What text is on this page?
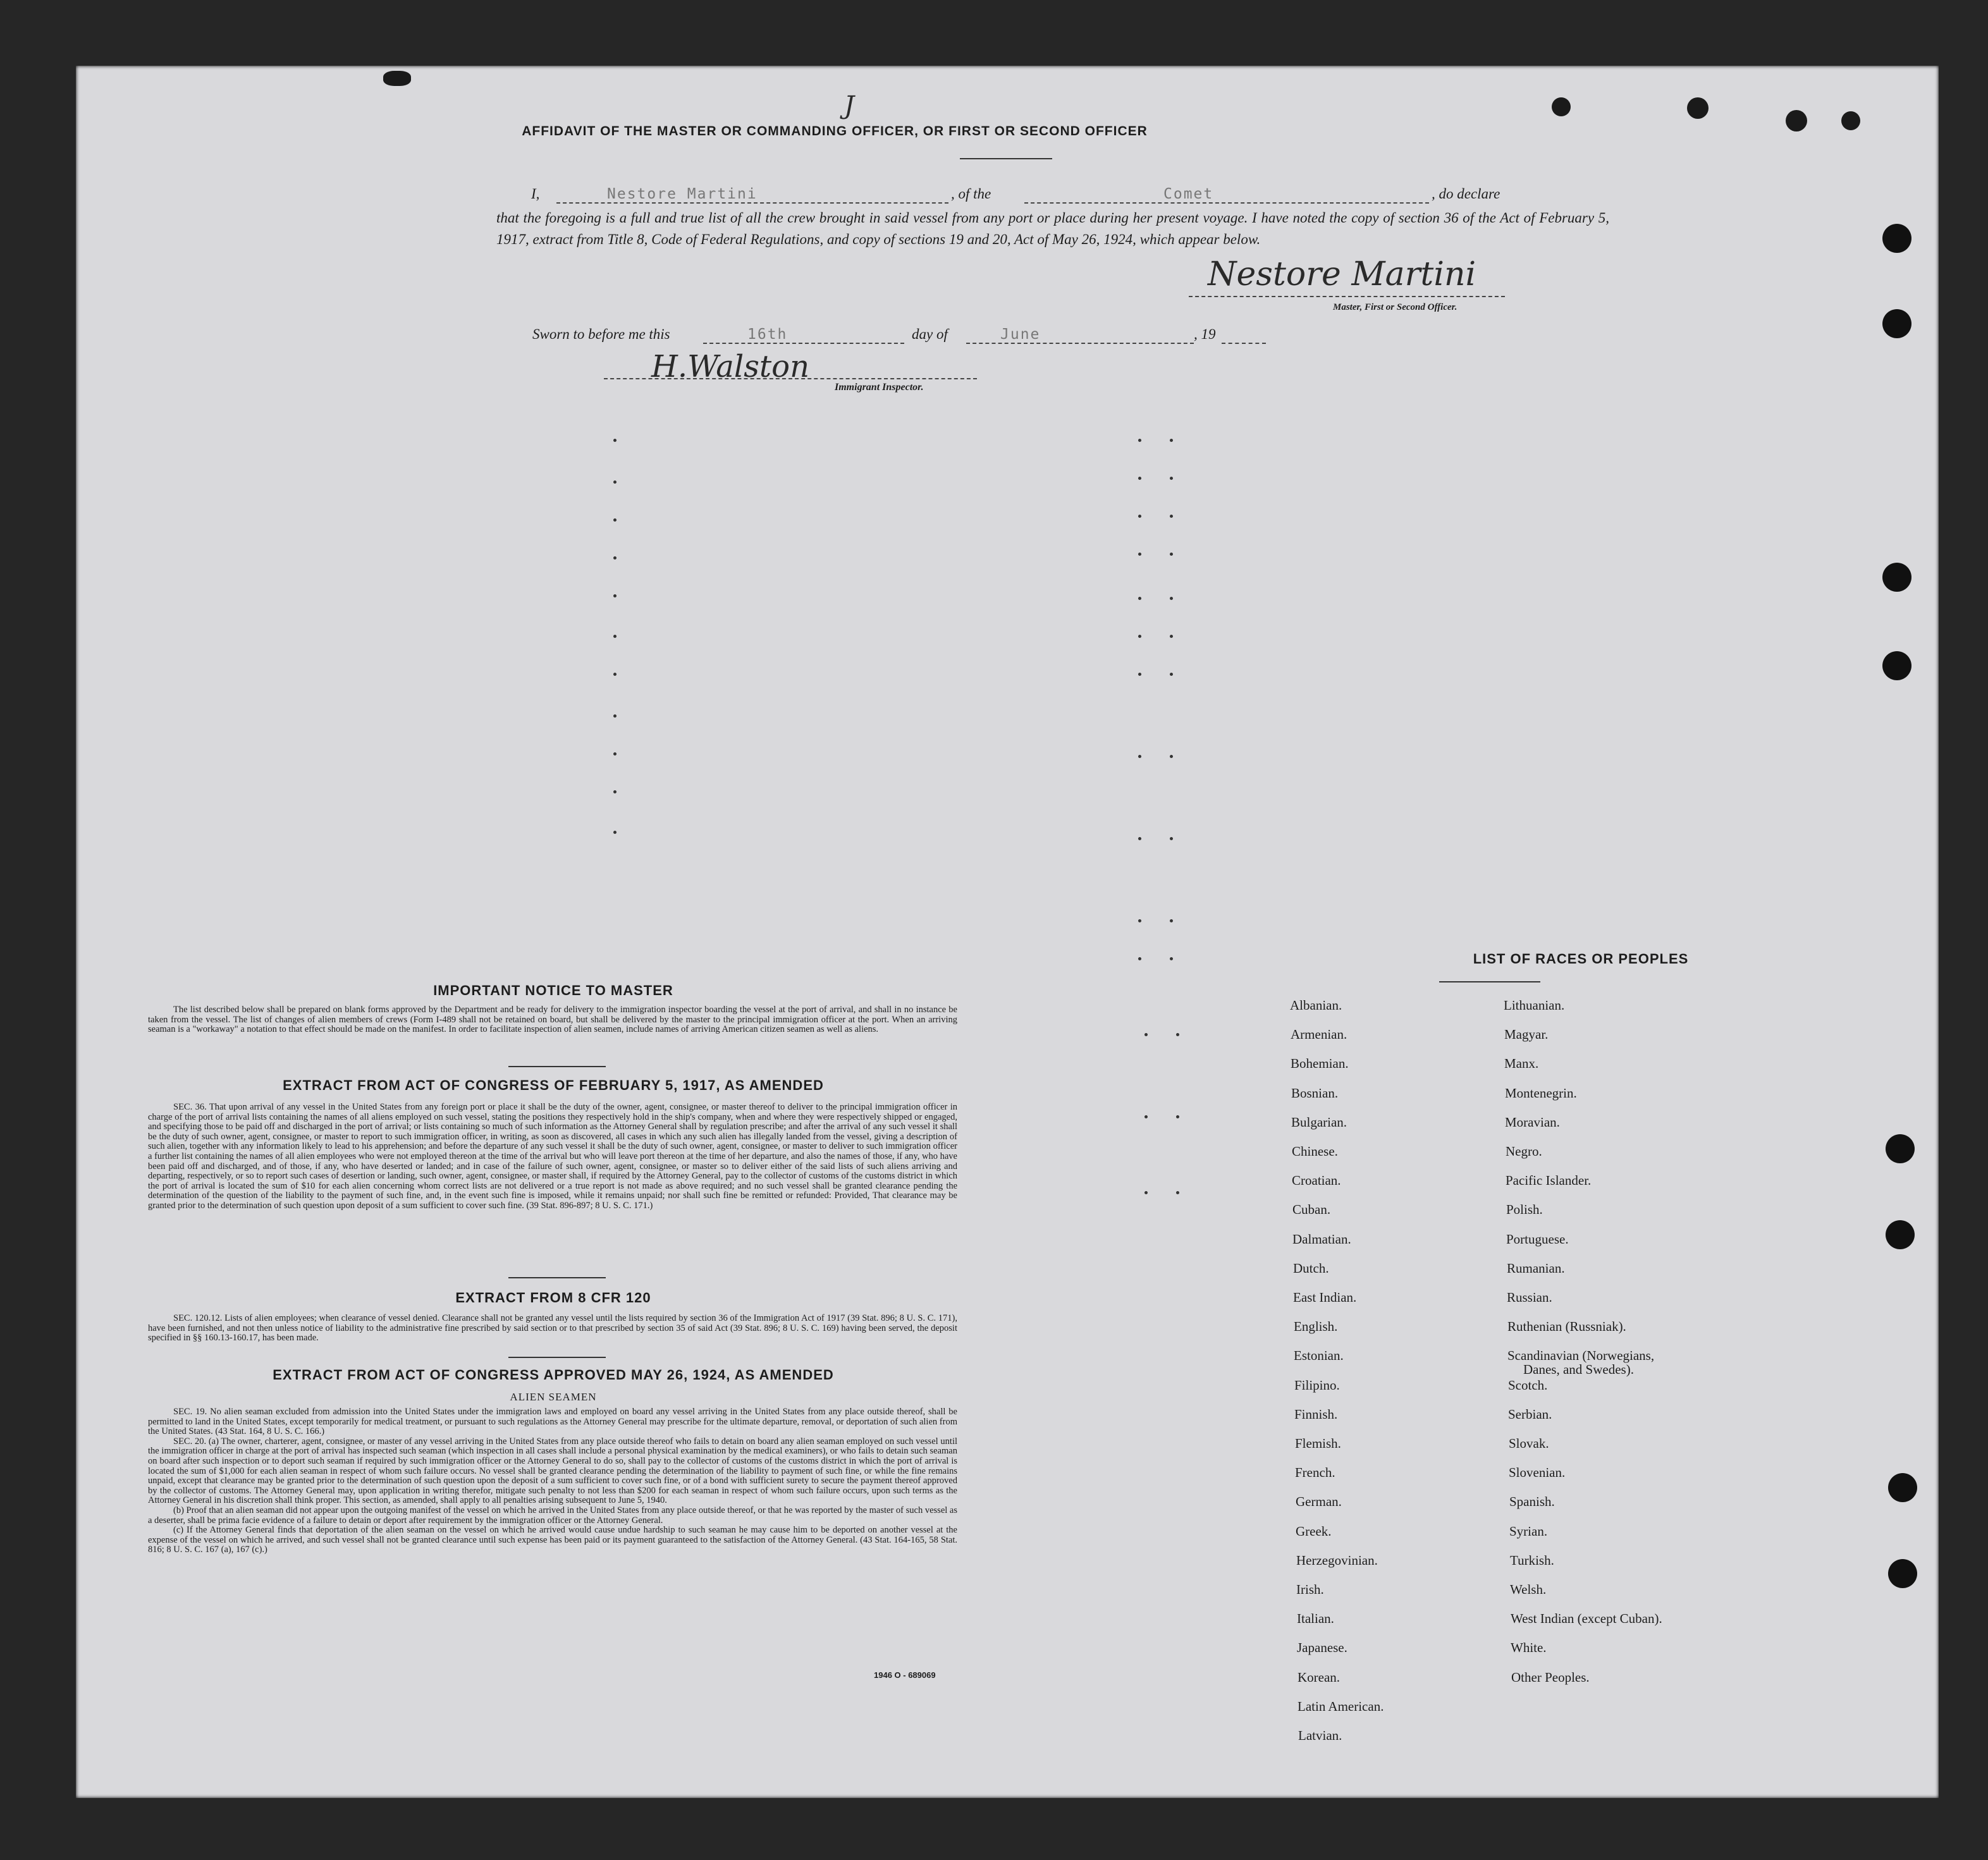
J
AFFIDAVIT OF THE MASTER OR COMMANDING OFFICER, OR FIRST OR SECOND OFFICER
I,	Nestore Martini	, of the	Comet	, do declare
that the foregoing is a full and true list of all the crew brought in said vessel from any port or place during her present voyage. I have noted the copy of section 36 of the Act of February 5, 1917, extract from Title 8, Code of Federal Regulations, and copy of sections 19 and 20, Act of May 26, 1924, which appear below.
Nestore Martini
Master, First or Second Officer.
Sworn to before me this	16th	day of	June	, 19
H.Walston
Immigrant Inspector.
IMPORTANT NOTICE TO MASTER

The list described below shall be prepared on blank forms approved by the Department and be ready for delivery to the immigration inspector boarding the vessel at the port of arrival, and shall in no instance be taken from the vessel. The list of changes of alien members of crews (Form I-489 shall not be retained on board, but shall be delivered by the master to the principal immigration officer at the port. When an arriving seaman is a "workaway" a notation to that effect should be made on the manifest. In order to facilitate inspection of alien seamen, include names of arriving American citizen seamen as well as aliens.

EXTRACT FROM ACT OF CONGRESS OF FEBRUARY 5, 1917, AS AMENDED

SEC. 36. That upon arrival of any vessel in the United States from any foreign port or place it shall be the duty of the owner, agent, consignee, or master thereof to deliver to the principal immigration officer in charge of the port of arrival lists containing the names of all aliens employed on such vessel, stating the positions they respectively hold in the ship's company, when and where they were respectively shipped or engaged, and specifying those to be paid off and discharged in the port of arrival; or lists containing so much of such information as the Attorney General shall by regulation prescribe; and after the arrival of any such vessel it shall be the duty of such owner, agent, consignee, or master to report to such immigration officer, in writing, as soon as discovered, all cases in which any such alien has illegally landed from the vessel, giving a description of such alien, together with any information likely to lead to his apprehension; and before the departure of any such vessel it shall be the duty of such owner, agent, consignee, or master to deliver to such immigration officer a further list containing the names of all alien employees who were not employed thereon at the time of the arrival but who will leave port thereon at the time of her departure, and also the names of those, if any, who have been paid off and discharged, and of those, if any, who have deserted or landed; and in case of the failure of such owner, agent, consignee, or master so to deliver either of the said lists of such aliens arriving and departing, respectively, or so to report such cases of desertion or landing, such owner, agent, consignee, or master shall, if required by the Attorney General, pay to the collector of customs of the customs district in which the port of arrival is located the sum of $10 for each alien concerning whom correct lists are not delivered or a true report is not made as above required; and no such vessel shall be granted clearance pending the determination of the question of the liability to the payment of such fine, and, in the event such fine is imposed, while it remains unpaid; nor shall such fine be remitted or refunded: Provided, That clearance may be granted prior to the determination of such question upon deposit of a sum sufficient to cover such fine. (39 Stat. 896-897; 8 U. S. C. 171.)

EXTRACT FROM 8 CFR 120

SEC. 120.12. Lists of alien employees; when clearance of vessel denied. Clearance shall not be granted any vessel until the lists required by section 36 of the Immigration Act of 1917 (39 Stat. 896; 8 U. S. C. 171), have been furnished, and not then unless notice of liability to the administrative fine prescribed by said section or to that prescribed by section 35 of said Act (39 Stat. 896; 8 U. S. C. 169) having been served, the deposit specified in §§ 160.13-160.17, has been made.

EXTRACT FROM ACT OF CONGRESS APPROVED MAY 26, 1924, AS AMENDED
ALIEN SEAMEN

SEC. 19. No alien seaman excluded from admission into the United States under the immigration laws and employed on board any vessel arriving in the United States from any place outside thereof, shall be permitted to land in the United States, except temporarily for medical treatment, or pursuant to such regulations as the Attorney General may prescribe for the ultimate departure, removal, or deportation of such alien from the United States. (43 Stat. 164, 8 U. S. C. 166.)

SEC. 20. (a) The owner, charterer, agent, consignee, or master of any vessel arriving in the United States from any place outside thereof who fails to detain on board any alien seaman employed on such vessel until the immigration officer in charge at the port of arrival has inspected such seaman (which inspection in all cases shall include a personal physical examination by the medical examiners), or who fails to detain such seaman on board after such inspection or to deport such seaman if required by such immigration officer or the Attorney General to do so, shall pay to the collector of customs of the customs district in which the port of arrival is located the sum of $1,000 for each alien seaman in respect of whom such failure occurs. No vessel shall be granted clearance pending the determination of the liability to payment of such fine, or while the fine remains unpaid, except that clearance may be granted prior to the determination of such question upon the deposit of a sum sufficient to cover such fine, or of a bond with sufficient surety to secure the payment thereof approved by the collector of customs. The Attorney General may, upon application in writing therefor, mitigate such penalty to not less than $200 for each seaman in respect of whom such failure occurs, upon such terms as the Attorney General in his discretion shall think proper. This section, as amended, shall apply to all penalties arising subsequent to June 5, 1940.

(b) Proof that an alien seaman did not appear upon the outgoing manifest of the vessel on which he arrived in the United States from any place outside thereof, or that he was reported by the master of such vessel as a deserter, shall be prima facie evidence of a failure to detain or deport after requirement by the immigration officer or the Attorney General.

(c) If the Attorney General finds that deportation of the alien seaman on the vessel on which he arrived would cause undue hardship to such seaman he may cause him to be deported on another vessel at the expense of the vessel on which he arrived, and such vessel shall not be granted clearance until such expense has been paid or its payment guaranteed to the satisfaction of the Attorney General. (43 Stat. 164-165, 58 Stat. 816; 8 U. S. C. 167 (a), 167 (c).)

1946 O - 689069
LIST OF RACES OR PEOPLES
Albanian.
Armenian.
Bohemian.
Bosnian.
Bulgarian.
Chinese.
Croatian.
Cuban.
Dalmatian.
Dutch.
East Indian.
English.
Estonian.
Filipino.
Finnish.
Flemish.
French.
German.
Greek.
Herzegovinian.
Irish.
Italian.
Japanese.
Korean.
Latin American.
Latvian.
Lithuanian.
Magyar.
Manx.
Montenegrin.
Moravian.
Negro.
Pacific Islander.
Polish.
Portuguese.
Rumanian.
Russian.
Ruthenian (Russniak).
Scandinavian (Norwegians,
Danes, and Swedes).
Scotch.
Serbian.
Slovak.
Slovenian.
Spanish.
Syrian.
Turkish.
Welsh.
West Indian (except Cuban).
White.
Other Peoples.
